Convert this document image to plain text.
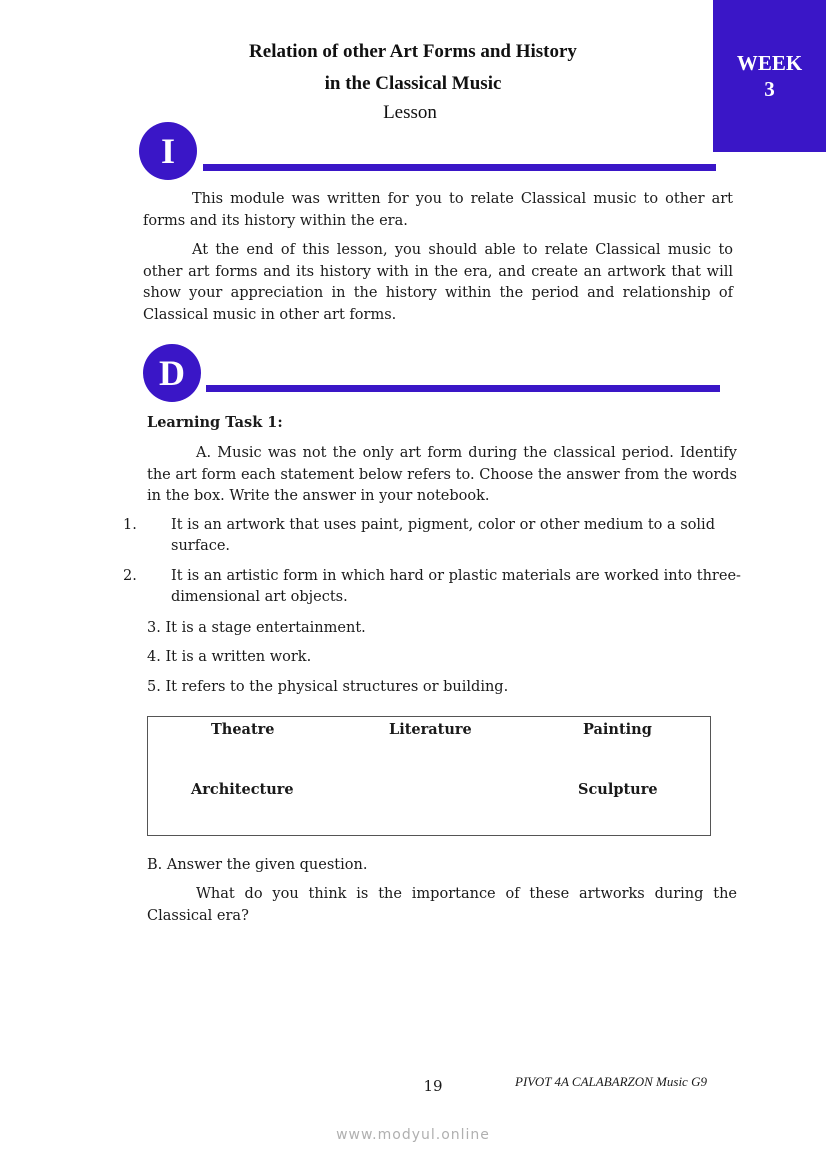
Relation of other Art Forms and History
in the Classical Music
Lesson
WEEK
3
I
This module was written for you to relate Classical music to other art forms and its history within the era.
At the end of this lesson, you should able to relate Classical music to other art forms and its history with in the era, and create an artwork that will show your appreciation in the history within the period and relationship of Classical music in other art forms.
D
Learning Task 1:
A. Music was not the only art form during the classical period. Identify the art form each statement below refers to. Choose the answer from the words in the box. Write the answer in your notebook.
1. It is an artwork that uses paint, pigment, color or other medium to a solid surface.
2. It is an artistic form in which hard or plastic materials are worked into three-dimensional art objects.
3. It is a stage entertainment.
4. It is a written work.
5. It refers to the physical structures or building.
Theatre	Literature	Painting
Architecture	Sculpture
B. Answer the given question.
What do you think is the importance of these artworks during the Classical era?
19	PIVOT 4A CALABARZON Music G9
www.modyul.online
